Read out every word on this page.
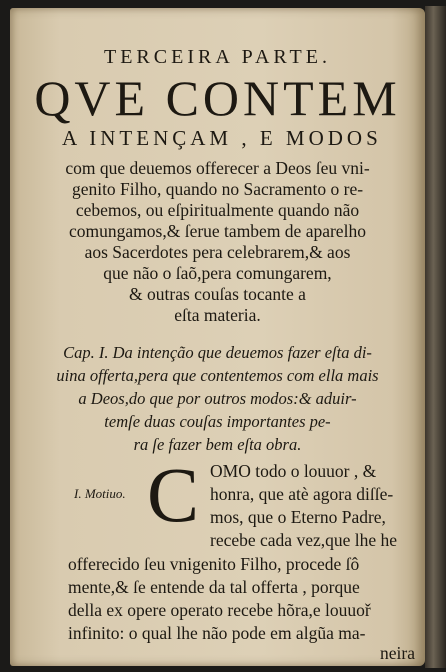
TERCEIRA PARTE.
QVE CONTEM
A INTENÇAM , E MODOS
com que deuemos offerecer a Deos ſeu vni-
genito Filho, quando no Sacramento o re-
cebemos, ou eſpiritualmente quando não
comungamos,& ſerue tambem de aparelho
aos Sacerdotes pera celebrarem,& aos
que não o ſaõ,pera comungarem,
& outras couſas tocante a
eſta materia.
Cap. I. Da intenção que deuemos fazer eſta di-
uina offerta,pera que contentemos com ella mais
a Deos,do que por outros modos:& aduir-
temſe duas couſas importantes pe-
ra ſe fazer bem eſta obra.
I. Motiuo. C OMO todo o louuor , &
honra, que atè agora diſſe-
mos, que o Eterno Padre,
recebe cada vez,que lhe he
offerecido ſeu vnigenito Filho, procede ſô
mente,& ſe entende da tal offerta , porque
della ex opere operato recebe hõra,e louuoř
infinito: o qual lhe não pode em algũa ma-
neira
